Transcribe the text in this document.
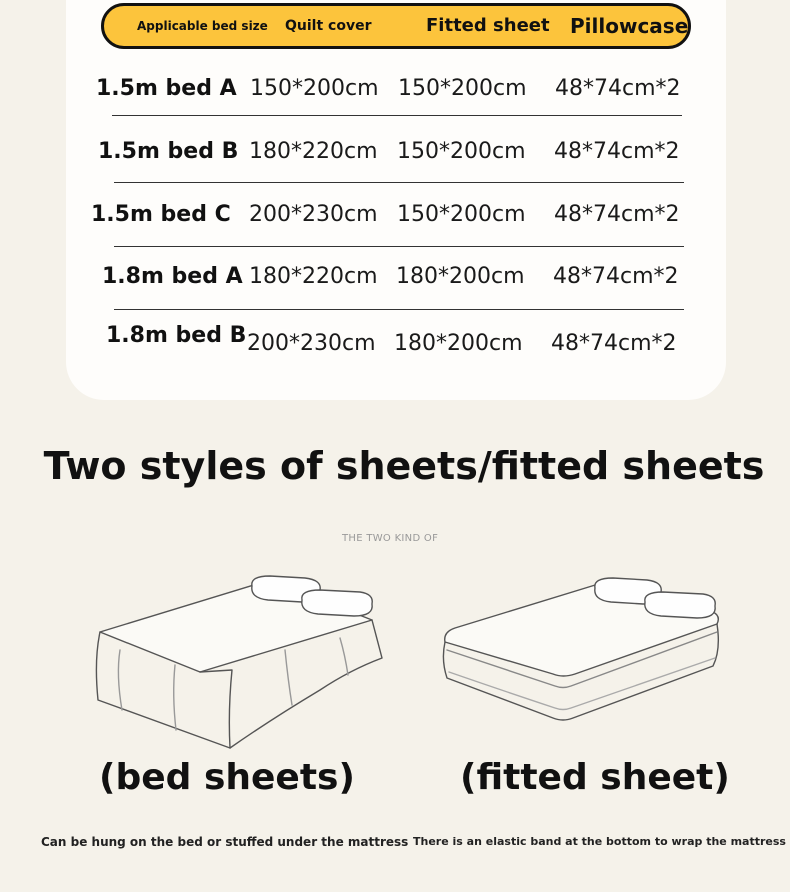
Applicable bed size Quilt cover	Fitted sheet Pillowcase
1.5m bed A 150*200cm 150*200cm 48*74cm*2
1.5m bed B 180*220cm 150*200cm 48*74cm*2
1.5m bed C 200*230cm 150*200cm 48*74cm*2
1.8m bed A 180*220cm 180*200cm 48*74cm*2
1.8m bed B 200*230cm 180*200cm 48*74cm*2
Two styles of sheets/fitted sheets
THE TWO KIND OF
(bed sheets)	(fitted sheet)
Can be hung on the bed or stuffed under the mattress There is an elastic band at the bottom to wrap the mattress
